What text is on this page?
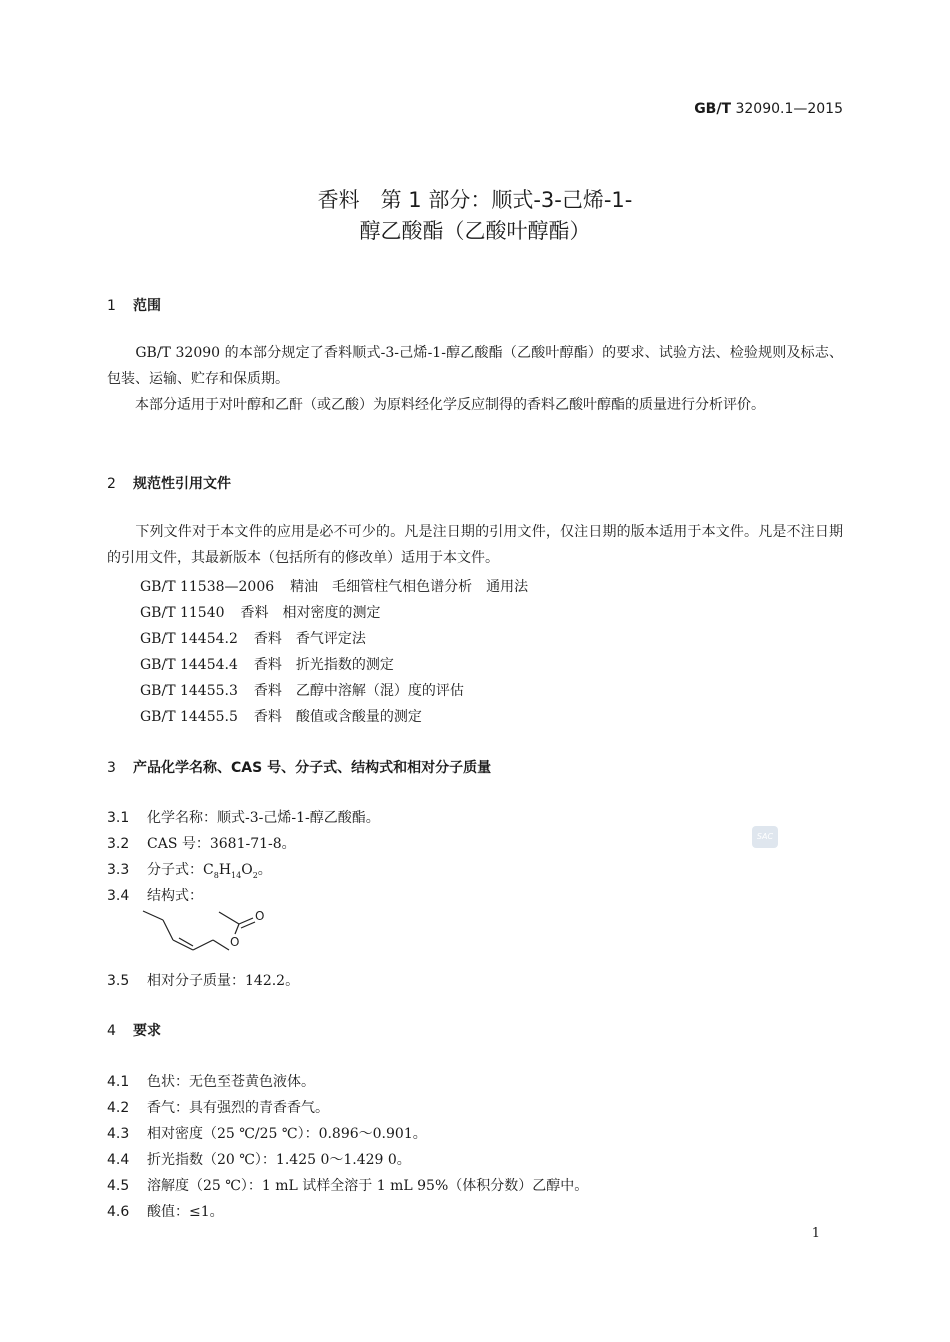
GB/T 32090.1—2015
香料　第 1 部分：顺式-3-己烯-1-
醇乙酸酯（乙酸叶醇酯）
1 范围
　　GB/T 32090 的本部分规定了香料顺式-3-己烯-1-醇乙酸酯（乙酸叶醇酯）的要求、试验方法、检验规则及标志、包装、运输、贮存和保质期。
　　本部分适用于对叶醇和乙酐（或乙酸）为原料经化学反应制得的香料乙酸叶醇酯的质量进行分析评价。
2 规范性引用文件
　　下列文件对于本文件的应用是必不可少的。凡是注日期的引用文件，仅注日期的版本适用于本文件。凡是不注日期的引用文件，其最新版本（包括所有的修改单）适用于本文件。
GB/T 11538—2006 精油　毛细管柱气相色谱分析　通用法
GB/T 11540 香料　相对密度的测定
GB/T 14454.2 香料　香气评定法
GB/T 14454.4 香料　折光指数的测定
GB/T 14455.3 香料　乙醇中溶解（混）度的评估
GB/T 14455.5 香料　酸值或含酸量的测定
3 产品化学名称、CAS 号、分子式、结构式和相对分子质量
3.1 化学名称：顺式-3-己烯-1-醇乙酸酯。
3.2 CAS 号：3681-71-8。
3.3 分子式：$C_8H_{14}O_2$。
3.4 结构式：
O
O
3.5 相对分子质量：142.2。
4 要求
4.1 色状：无色至苍黄色液体。
4.2 香气：具有强烈的青香香气。
4.3 相对密度（25 ℃/25 ℃）：0.896～0.901。
4.4 折光指数（20 ℃）：1.425 0～1.429 0。
4.5 溶解度（25 ℃）：1 mL 试样全溶于 1 mL 95%（体积分数）乙醇中。
4.6 酸值：≤1。
SAC
1
